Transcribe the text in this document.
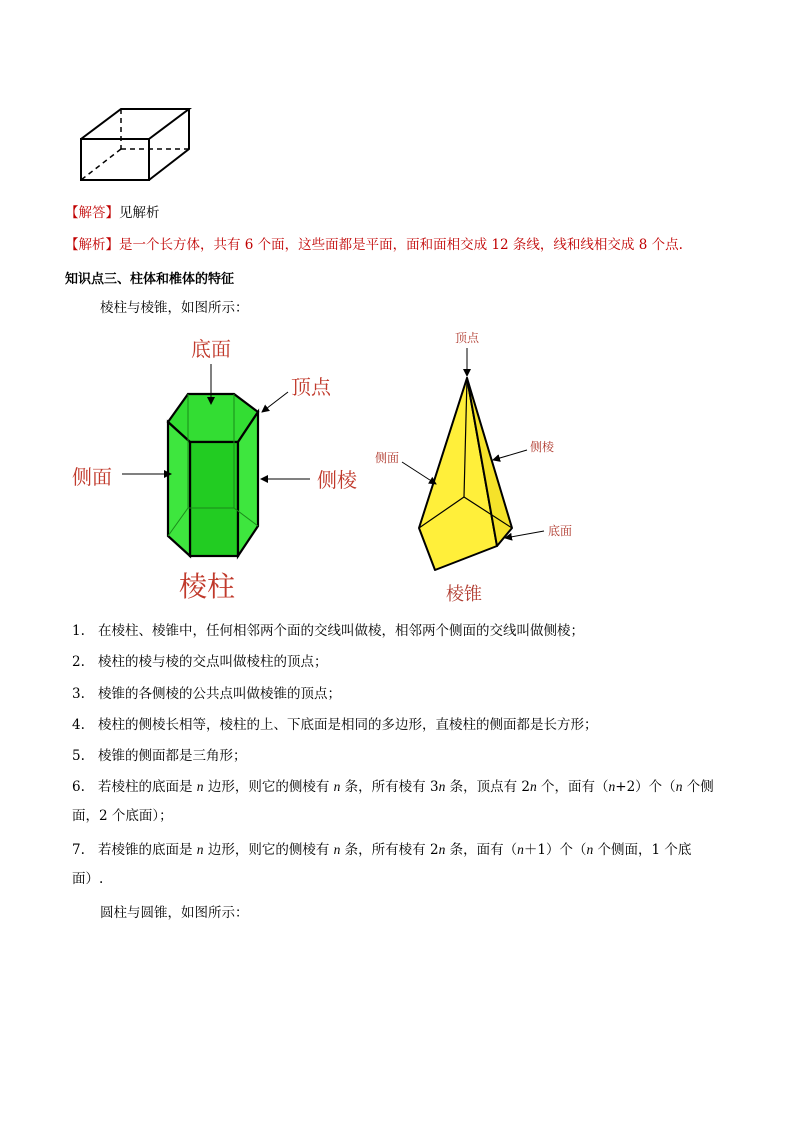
【解答】见解析
【解析】是一个长方体，共有 6 个面，这些面都是平面，面和面相交成 12 条线，线和线相交成 8 个点.
知识点三、柱体和椎体的特征
棱柱与棱锥，如图所示：
底面
顶点
侧面	侧棱
棱柱
顶点
侧面
侧棱
底面
棱锥
1. 在棱柱、棱锥中，任何相邻两个面的交线叫做棱，相邻两个侧面的交线叫做侧棱；
2. 棱柱的棱与棱的交点叫做棱柱的顶点；
3. 棱锥的各侧棱的公共点叫做棱锥的顶点；
4. 棱柱的侧棱长相等，棱柱的上、下底面是相同的多边形，直棱柱的侧面都是长方形；
5. 棱锥的侧面都是三角形；
6. 若棱柱的底面是 n 边形，则它的侧棱有 n 条，所有棱有 3n 条，顶点有 2n 个，面有（n+2）个（n 个侧
面，2 个底面）；
7. 若棱锥的底面是 n 边形，则它的侧棱有 n 条，所有棱有 2n 条，面有（n＋1）个（n 个侧面，1 个底
面）.
圆柱与圆锥，如图所示：
